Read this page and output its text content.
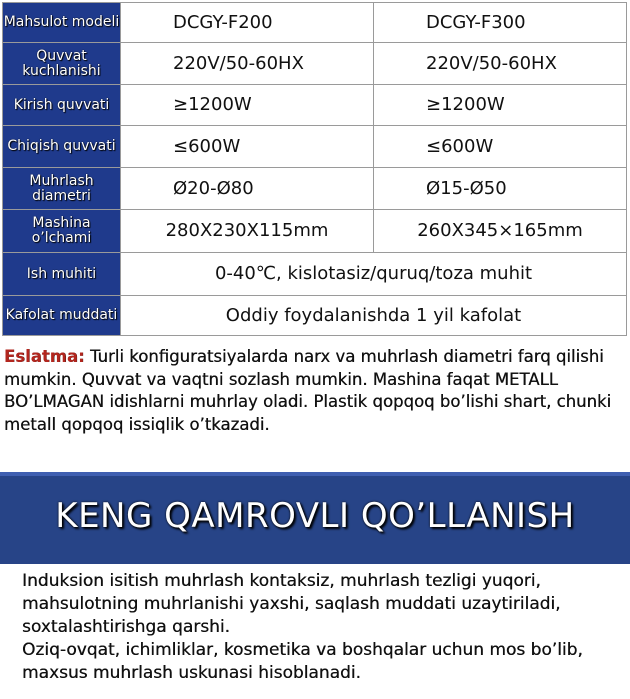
Mahsulot modeli	DCGY-F200	DCGY-F300
Quvvat kuchlanishi	220V/50-60HX	220V/50-60HX
Kirish quvvati	≥1200W	≥1200W
Chiqish quvvati	≤600W	≤600W
Muhrlash diametri	Ø20-Ø80	Ø15-Ø50
Mashina o’lchami	280X230X115mm	260X345×165mm
Ish muhiti	0-40℃, kislotasiz/quruq/toza muhit	
Kafolat muddati	Oddiy foydalanishda 1 yil kafolat	
Eslatma: Turli konfiguratsiyalarda narx va muhrlash diametri farq qilishi mumkin. Quvvat va vaqtni sozlash mumkin. Mashina faqat METALL BO’LMAGAN idishlarni muhrlay oladi. Plastik qopqoq bo’lishi shart, chunki metall qopqoq issiqlik o’tkazadi.
KENG QAMROVLI QO’LLANISH
Induksion isitish muhrlash kontaksiz, muhrlash tezligi yuqori, mahsulotning muhrlanishi yaxshi, saqlash muddati uzaytiriladi, soxtalashtirishga qarshi.
Oziq-ovqat, ichimliklar, kosmetika va boshqalar uchun mos bo’lib, maxsus muhrlash uskunasi hisoblanadi.
